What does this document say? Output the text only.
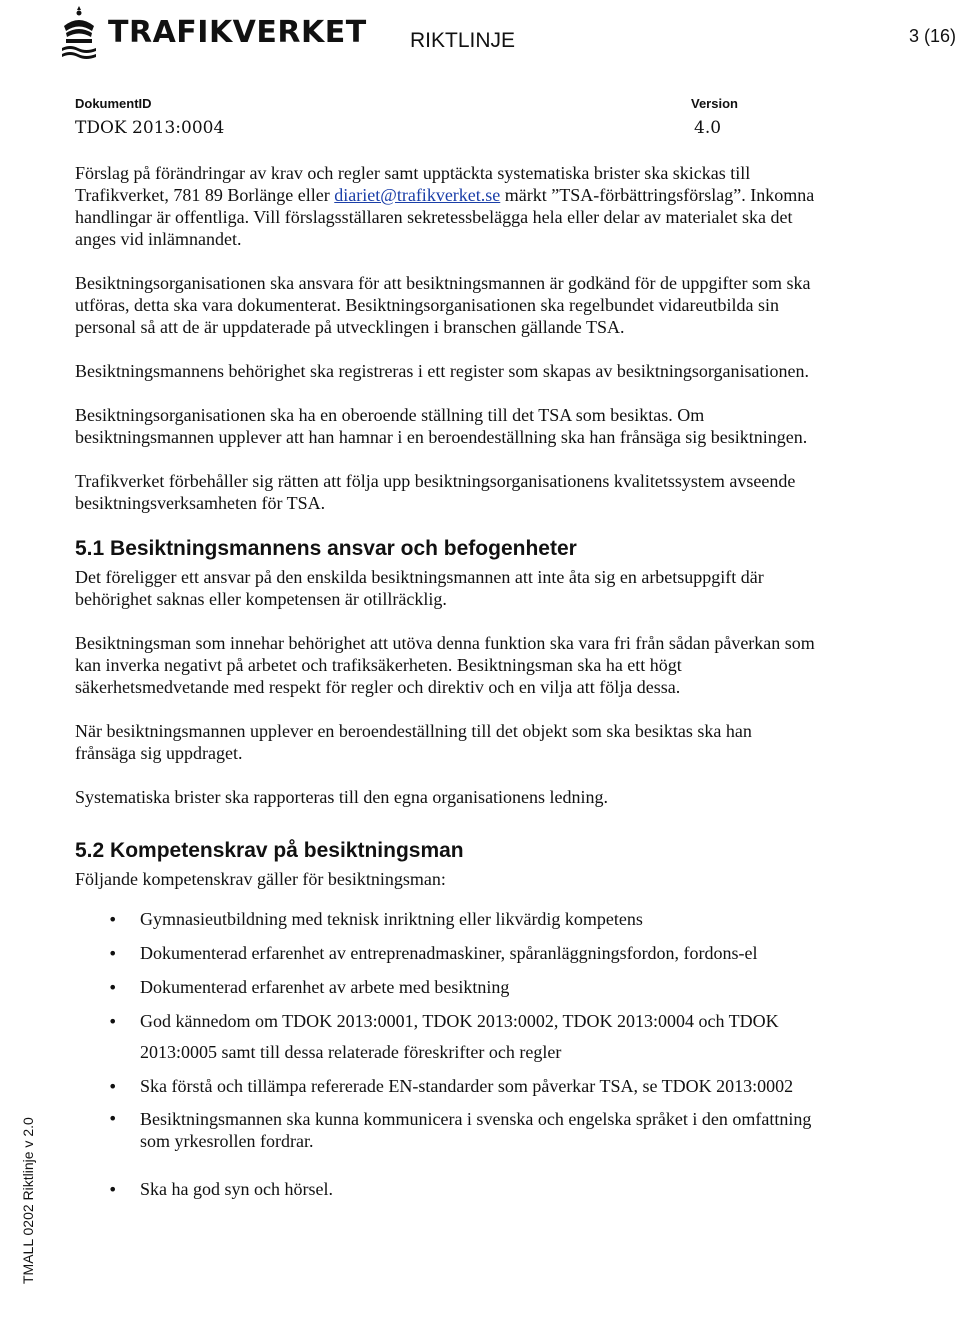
TRAFIKVERKET RIKTLINJE	3 (16)
DokumentID
TDOK 2013:0004
Version
4.0

Förslag på förändringar av krav och regler samt upptäckta systematiska brister ska skickas till Trafikverket, 781 89 Borlänge eller diariet@trafikverket.se märkt ”TSA-förbättringsförslag”. Inkomna handlingar är offentliga. Vill förslagsställaren sekretessbelägga hela eller delar av materialet ska det anges vid inlämnandet.

Besiktningsorganisationen ska ansvara för att besiktningsmannen är godkänd för de uppgifter som ska utföras, detta ska vara dokumenterat. Besiktningsorganisationen ska regelbundet vidareutbilda sin personal så att de är uppdaterade på utvecklingen i branschen gällande TSA.

Besiktningsmannens behörighet ska registreras i ett register som skapas av besiktningsorganisationen.

Besiktningsorganisationen ska ha en oberoende ställning till det TSA som besiktas. Om besiktningsmannen upplever att han hamnar i en beroendeställning ska han frånsäga sig besiktningen.

Trafikverket förbehåller sig rätten att följa upp besiktningsorganisationens kvalitetssystem avseende besiktningsverksamheten för TSA.

5.1 Besiktningsmannens ansvar och befogenheter

Det föreligger ett ansvar på den enskilda besiktningsmannen att inte åta sig en arbetsuppgift där behörighet saknas eller kompetensen är otillräcklig.

Besiktningsman som innehar behörighet att utöva denna funktion ska vara fri från sådan påverkan som kan inverka negativt på arbetet och trafiksäkerheten. Besiktningsman ska ha ett högt säkerhetsmedvetande med respekt för regler och direktiv och en vilja att följa dessa.

När besiktningsmannen upplever en beroendeställning till det objekt som ska besiktas ska han frånsäga sig uppdraget.

Systematiska brister ska rapporteras till den egna organisationens ledning.

5.2 Kompetenskrav på besiktningsman

Följande kompetenskrav gäller för besiktningsman:

• Gymnasieutbildning med teknisk inriktning eller likvärdig kompetens
• Dokumenterad erfarenhet av entreprenadmaskiner, spåranläggningsfordon, fordons-el
• Dokumenterad erfarenhet av arbete med besiktning
• God kännedom om TDOK 2013:0001, TDOK 2013:0002, TDOK 2013:0004 och TDOK 2013:0005 samt till dessa relaterade föreskrifter och regler
• Ska förstå och tillämpa refererade EN-standarder som påverkar TSA, se TDOK 2013:0002
• Besiktningsmannen ska kunna kommunicera i svenska och engelska språket i den omfattning som yrkesrollen fordrar.
• Ska ha god syn och hörsel.
TMALL 0202 Riktlinje v 2.0
